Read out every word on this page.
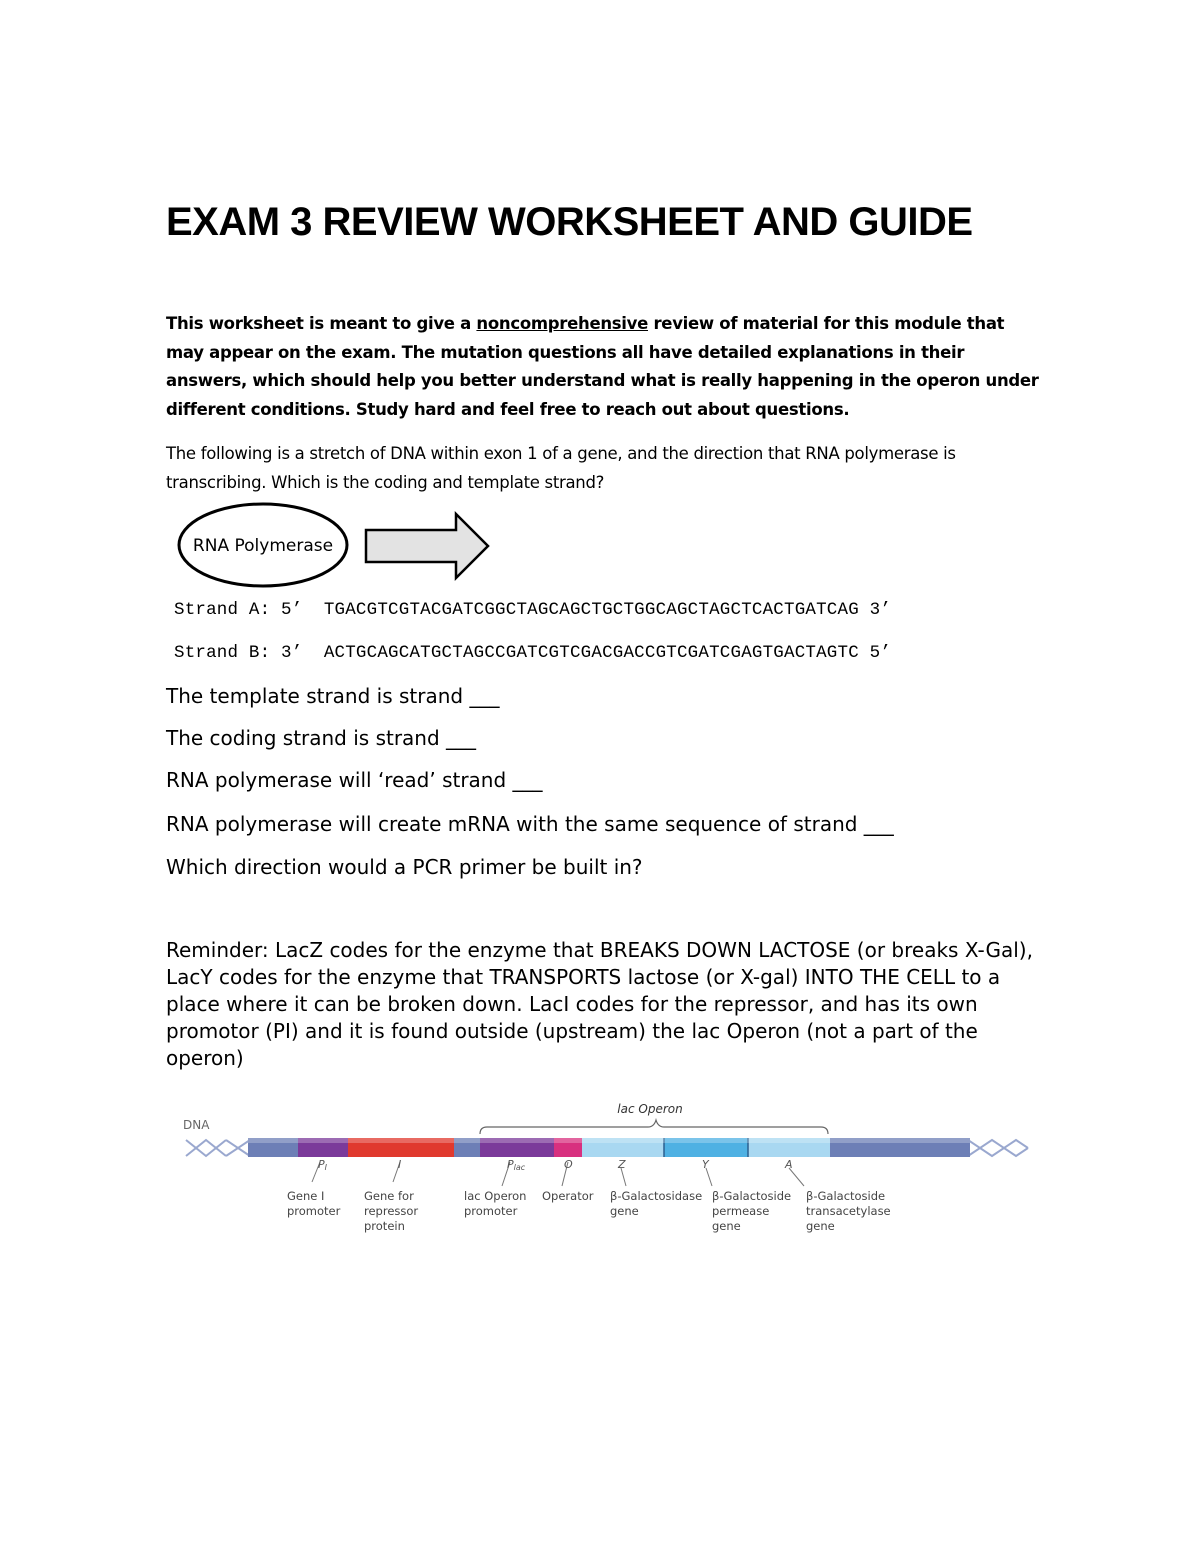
EXAM 3 REVIEW WORKSHEET AND GUIDE
This worksheet is meant to give a noncomprehensive review of material for this module that may appear on the exam. The mutation questions all have detailed explanations in their answers, which should help you better understand what is really happening in the operon under different conditions. Study hard and feel free to reach out about questions.
The following is a stretch of DNA within exon 1 of a gene, and the direction that RNA polymerase is transcribing. Which is the coding and template strand?
RNA Polymerase
Strand A: 5’  TGACGTCGTACGATCGGCTAGCAGCTGCTGGCAGCTAGCTCACTGATCAG 3’
Strand B: 3’  ACTGCAGCATGCTAGCCGATCGTCGACGACCGTCGATCGAGTGACTAGTC 5’
The template strand is strand ___
The coding strand is strand ___
RNA polymerase will ‘read’ strand ___
RNA polymerase will create mRNA with the same sequence of strand ___
Which direction would a PCR primer be built in?
Reminder: LacZ codes for the enzyme that BREAKS DOWN LACTOSE (or breaks X-Gal), LacY codes for the enzyme that TRANSPORTS lactose (or X-gal) INTO THE CELL to a place where it can be broken down. LacI codes for the repressor, and has its own promotor (PI) and it is found outside (upstream) the lac Operon (not a part of the operon)
DNA
lac Operon
PI	I	Plac	O	Z	Y	A
Gene I promoter
Gene for repressor protein
lac Operon promoter
Operator β-Galactosidase gene
β-Galactoside permease gene
β-Galactoside transacetylase gene
